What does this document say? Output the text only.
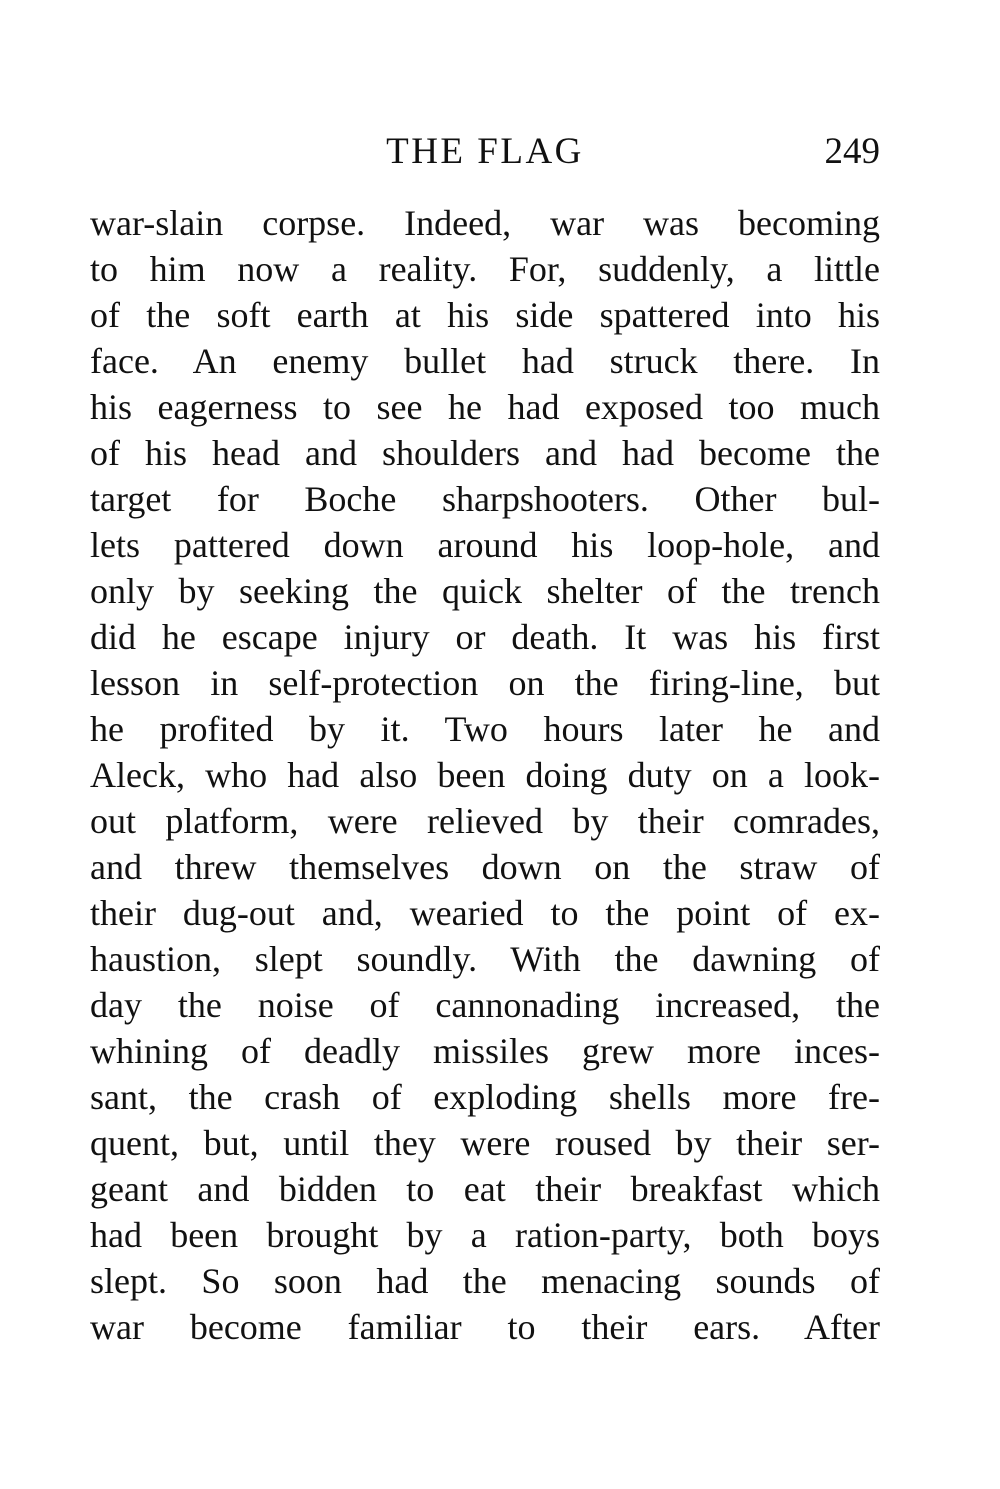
THE FLAG	249
war-slain corpse. Indeed, war was becoming
to him now a reality. For, suddenly, a little
of the soft earth at his side spattered into his
face. An enemy bullet had struck there. In
his eagerness to see he had exposed too much
of his head and shoulders and had become the
target for Boche sharpshooters. Other bul-
lets pattered down around his loop-hole, and
only by seeking the quick shelter of the trench
did he escape injury or death. It was his first
lesson in self-protection on the firing-line, but
he profited by it. Two hours later he and
Aleck, who had also been doing duty on a look-
out platform, were relieved by their comrades,
and threw themselves down on the straw of
their dug-out and, wearied to the point of ex-
haustion, slept soundly. With the dawning of
day the noise of cannonading increased, the
whining of deadly missiles grew more inces-
sant, the crash of exploding shells more fre-
quent, but, until they were roused by their ser-
geant and bidden to eat their breakfast which
had been brought by a ration-party, both boys
slept. So soon had the menacing sounds of
war become familiar to their ears. After
